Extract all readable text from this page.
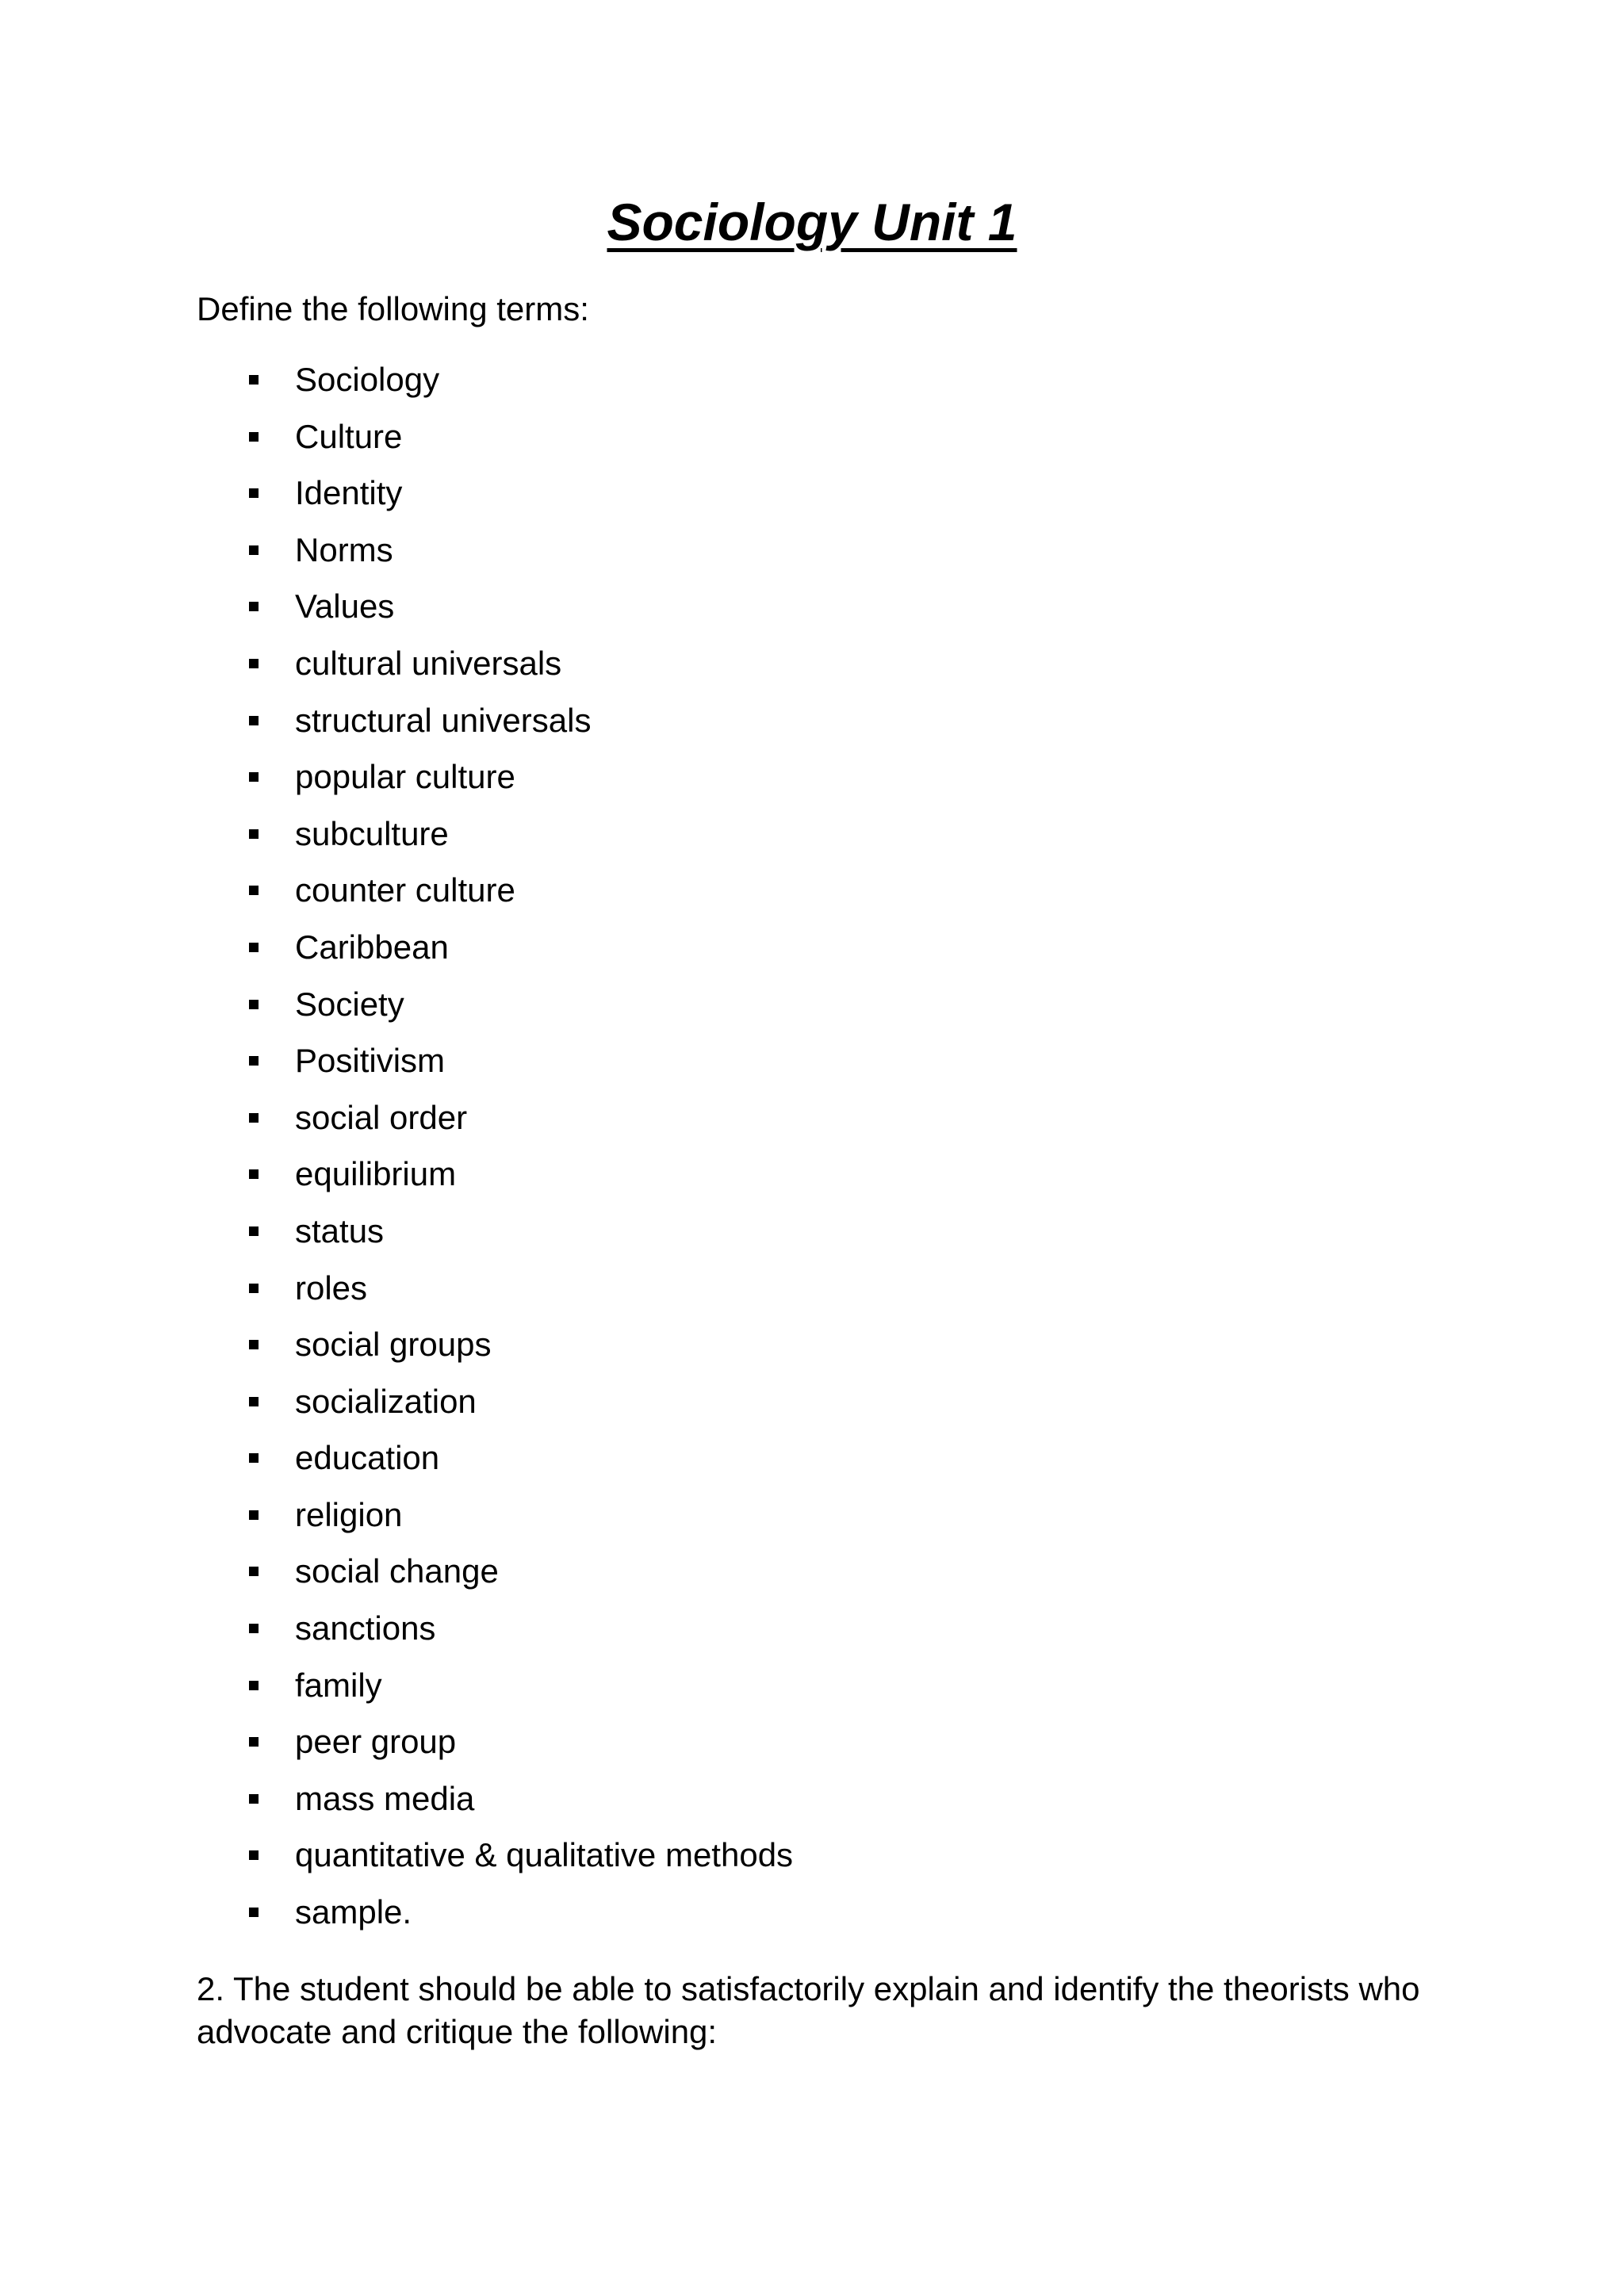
Sociology Unit 1

Define the following terms:

Sociology
Culture
Identity
Norms
Values
cultural universals
structural universals
popular culture
subculture
counter culture
Caribbean
Society
Positivism
social order
equilibrium
status
roles
social groups
socialization
education
religion
social change
sanctions
family
peer group
mass media
quantitative & qualitative methods
sample.

2. The student should be able to satisfactorily explain and identify the theorists who advocate and critique the following:
